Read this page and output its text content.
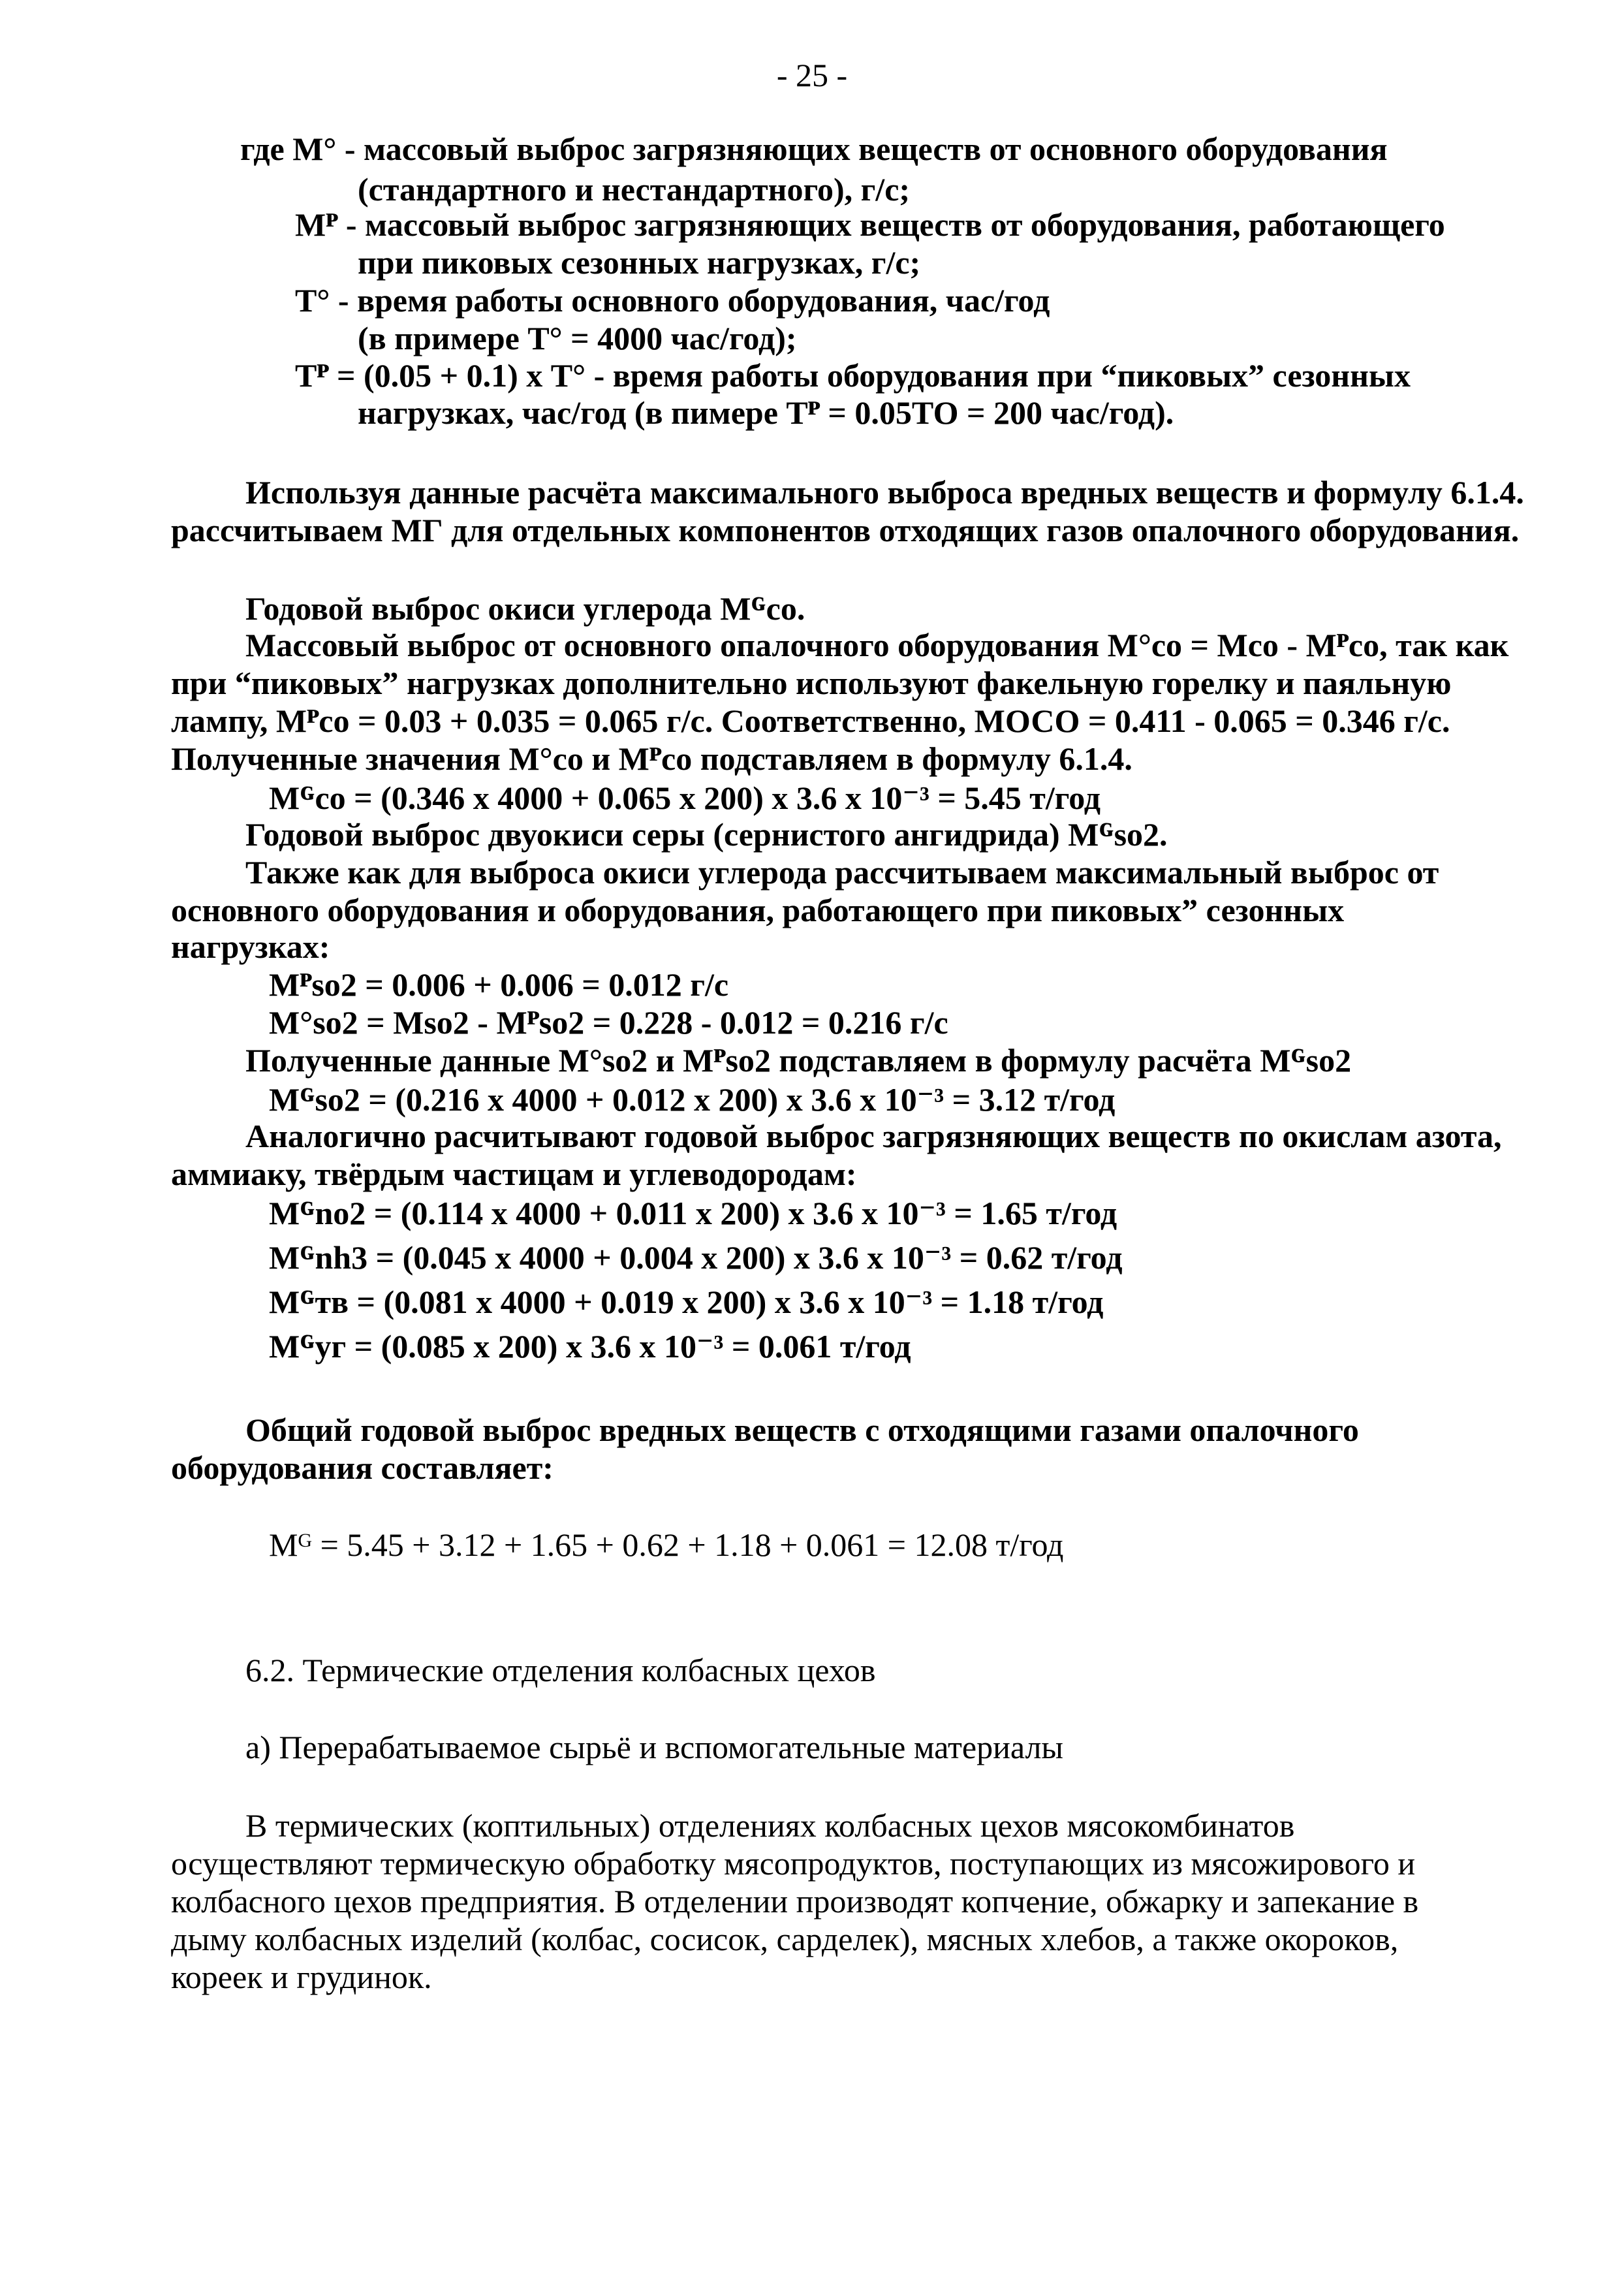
- 25 -
где М° - массовый выброс загрязняющих веществ от основного оборудования
(стандартного и нестандартного), г/с;
Мᴾ - массовый выброс загрязняющих веществ от оборудования, работающего
при пиковых сезонных нагрузках, г/с;
Т° - время работы основного оборудования, час/год
(в примере Т° = 4000 час/год);
Тᴾ = (0.05 + 0.1) х Т° - время работы оборудования при “пиковых” сезонных
нагрузках, час/год (в пимере Тᴾ = 0.05ТО = 200 час/год).
Используя данные расчёта максимального выброса вредных веществ и формулу 6.1.4.
рассчитываем МГ для отдельных компонентов отходящих газов опалочного оборудования.
Годовой выброс окиси углерода Мᴳco.
Массовый выброс от основного опалочного оборудования М°co = Мco - Мᴾco, так как
при “пиковых” нагрузках дополнительно используют факельную горелку и паяльную
лампу, Мᴾco = 0.03 + 0.035 = 0.065 г/с. Соответственно, МОСО = 0.411 - 0.065 = 0.346 г/с.
Полученные значения М°co и Мᴾco подставляем в формулу 6.1.4.
Мᴳco = (0.346 х 4000 + 0.065 х 200) х 3.6 х 10⁻³ = 5.45 т/год
Годовой выброс двуокиси серы (сернистого ангидрида) Мᴳso2.
Также как для выброса окиси углерода рассчитываем максимальный выброс от
основного оборудования и оборудования, работающего при пиковых” сезонных
нагрузках:
Мᴾso2 = 0.006 + 0.006 = 0.012 г/с
М°so2 = Мso2 - Мᴾso2 = 0.228 - 0.012 = 0.216 г/с
Полученные данные М°so2 и Мᴾso2 подставляем в формулу расчёта Мᴳso2
Мᴳso2 = (0.216 х 4000 + 0.012 х 200) х 3.6 х 10⁻³ = 3.12 т/год
Аналогично расчитывают годовой выброс загрязняющих веществ по окислам азота,
аммиаку, твёрдым частицам и углеводородам:
Мᴳno2 = (0.114 х 4000 + 0.011 х 200) х 3.6 х 10⁻³ = 1.65 т/год
Мᴳnh3 = (0.045 х 4000 + 0.004 х 200) х 3.6 х 10⁻³ = 0.62 т/год
Мᴳтв = (0.081 х 4000 + 0.019 х 200) х 3.6 х 10⁻³ = 1.18 т/год
Мᴳуг = (0.085 х 200) х 3.6 х 10⁻³ = 0.061 т/год
Общий годовой выброс вредных веществ с отходящими газами опалочного
оборудования составляет:
Мᴳ = 5.45 + 3.12 + 1.65 + 0.62 + 1.18 + 0.061 = 12.08 т/год
6.2. Термические отделения колбасных цехов
а) Перерабатываемое сырьё и вспомогательные материалы
В термических (коптильных) отделениях колбасных цехов мясокомбинатов
осуществляют термическую обработку мясопродуктов, поступающих из мясожирового и
колбасного цехов предприятия. В отделении производят копчение, обжарку и запекание в
дыму колбасных изделий (колбас, сосисок, сарделек), мясных хлебов, а также окороков,
кореек и грудинок.
